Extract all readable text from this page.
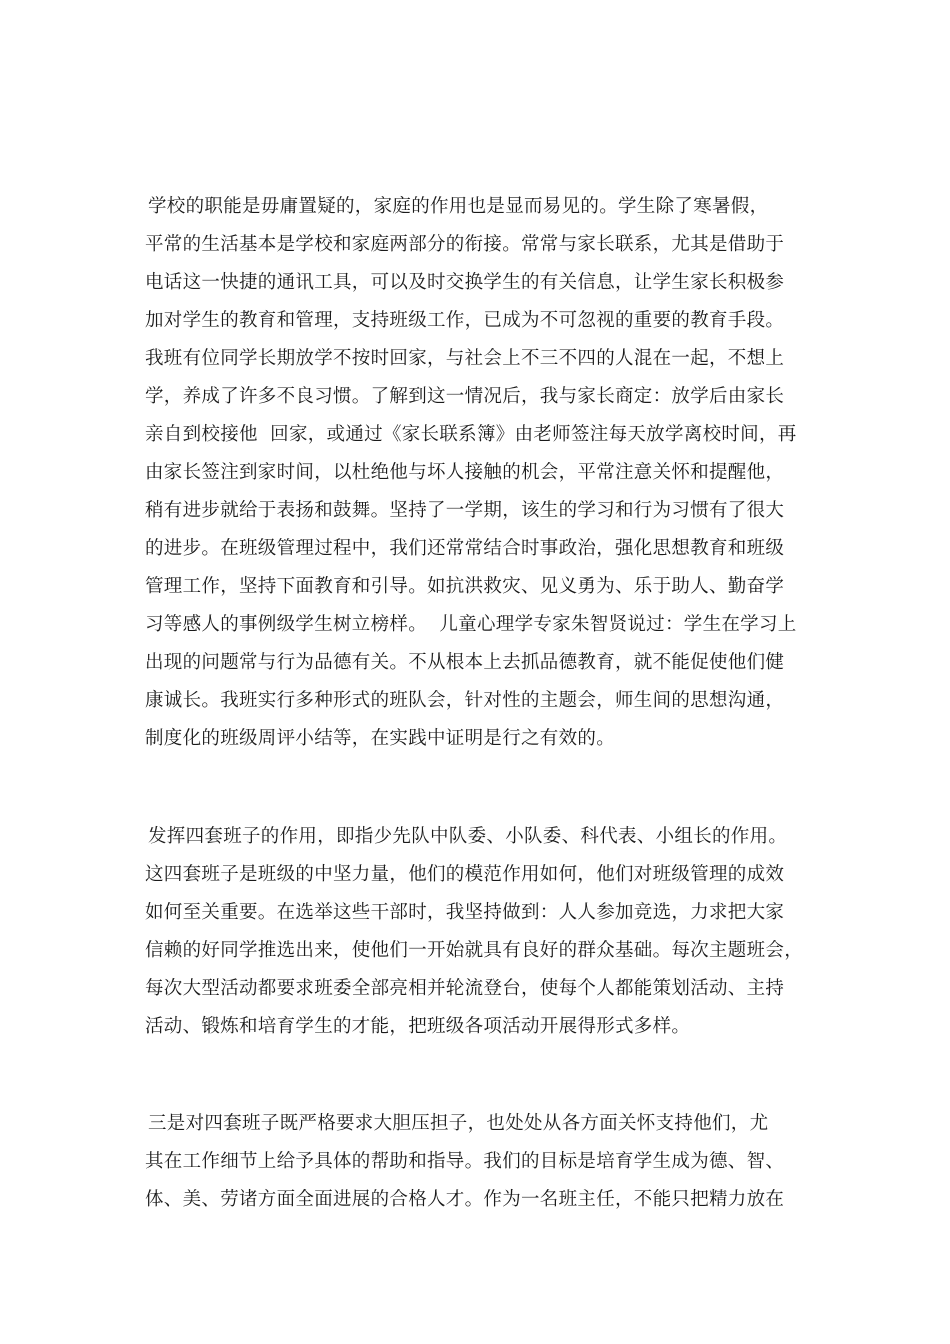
学校的职能是毋庸置疑的，家庭的作用也是显而易见的。学生除了寒暑假，
平常的生活基本是学校和家庭两部分的衔接。常常与家长联系，尤其是借助于
电话这一快捷的通讯工具，可以及时交换学生的有关信息，让学生家长积极参
加对学生的教育和管理，支持班级工作，已成为不可忽视的重要的教育手段。
我班有位同学长期放学不按时回家，与社会上不三不四的人混在一起，不想上
学，养成了许多不良习惯。了解到这一情况后，我与家长商定：放学后由家长
亲自到校接他  回家，或通过《家长联系簿》由老师签注每天放学离校时间，再
由家长签注到家时间，以杜绝他与坏人接触的机会，平常注意关怀和提醒他，
稍有进步就给于表扬和鼓舞。坚持了一学期，该生的学习和行为习惯有了很大
的进步。在班级管理过程中，我们还常常结合时事政治，强化思想教育和班级
管理工作，坚持下面教育和引导。如抗洪救灾、见义勇为、乐于助人、勤奋学
习等感人的事例级学生树立榜样。  儿童心理学专家朱智贤说过：学生在学习上
出现的问题常与行为品德有关。不从根本上去抓品德教育，就不能促使他们健
康诚长。我班实行多种形式的班队会，针对性的主题会，师生间的思想沟通，
制度化的班级周评小结等，在实践中证明是行之有效的。
发挥四套班子的作用，即指少先队中队委、小队委、科代表、小组长的作用。
这四套班子是班级的中坚力量，他们的模范作用如何，他们对班级管理的成效
如何至关重要。在选举这些干部时，我坚持做到：人人参加竞选，力求把大家
信赖的好同学推选出来，使他们一开始就具有良好的群众基础。每次主题班会，
每次大型活动都要求班委全部亮相并轮流登台，使每个人都能策划活动、主持
活动、锻炼和培育学生的才能，把班级各项活动开展得形式多样。
三是对四套班子既严格要求大胆压担子，也处处从各方面关怀支持他们，尤
其在工作细节上给予具体的帮助和指导。我们的目标是培育学生成为德、智、
体、美、劳诸方面全面进展的合格人才。作为一名班主任，不能只把精力放在
